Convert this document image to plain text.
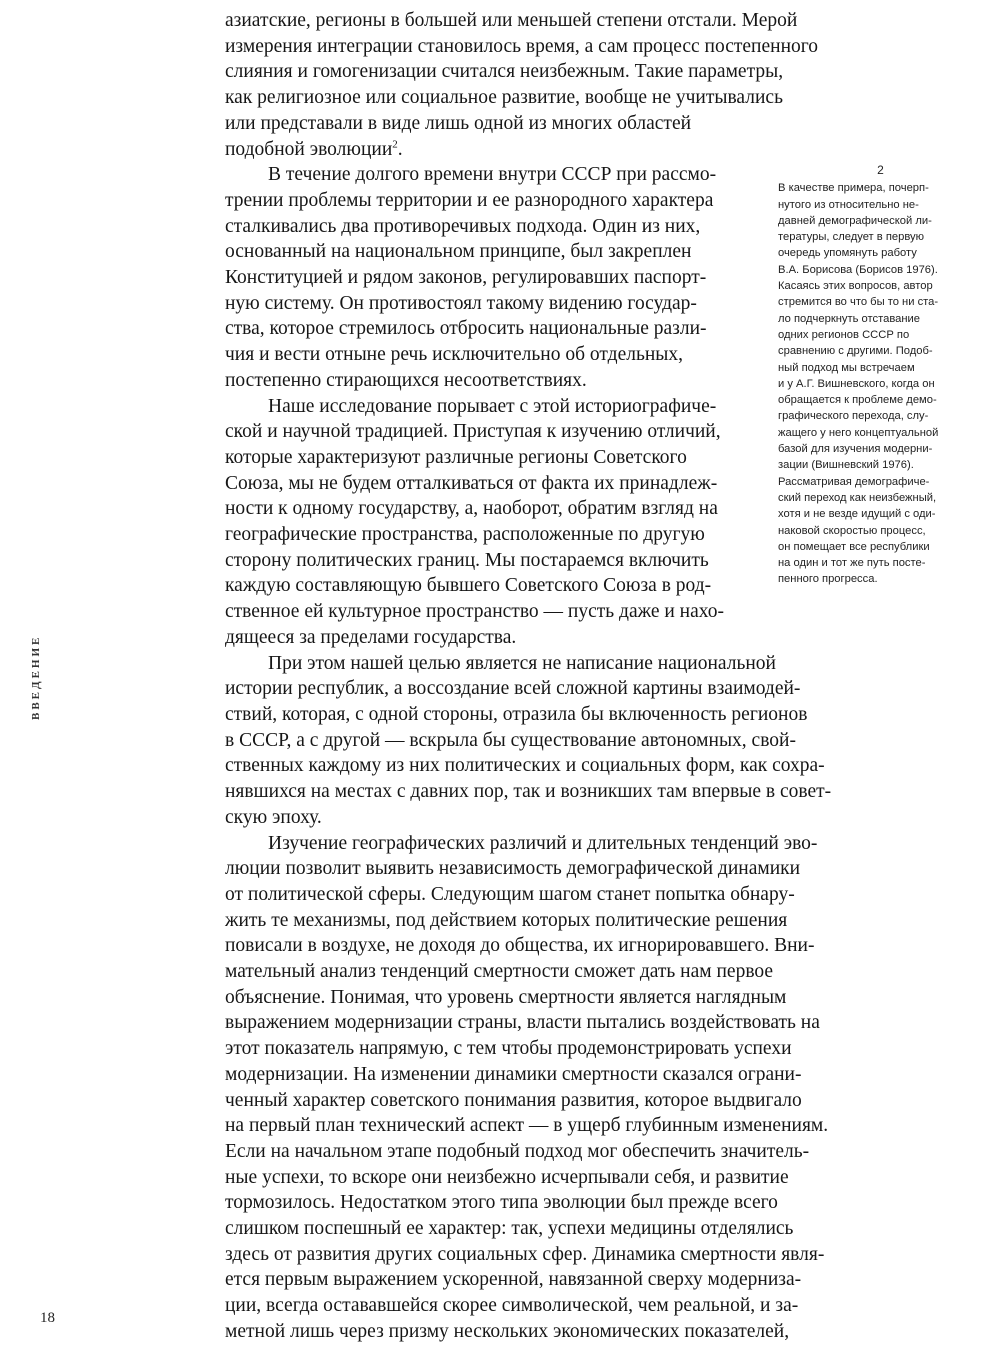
азиатские, регионы в большей или меньшей степени отстали. Мерой
измерения интеграции становилось время, а сам процесс постепенного
слияния и гомогенизации считался неизбежным. Такие параметры,
как религиозное или социальное развитие, вообще не учитывались
или представали в виде лишь одной из многих областей
подобной эволюции$^2$.
В течение долгого времени внутри СССР при рассмо-
трении проблемы территории и ее разнородного характера
сталкивались два противоречивых подхода. Один из них,
основанный на национальном принципе, был закреплен
Конституцией и рядом законов, регулировавших паспорт-
ную систему. Он противостоял такому видению государ-
ства, которое стремилось отбросить национальные разли-
чия и вести отныне речь исключительно об отдельных,
постепенно стирающихся несоответствиях.
Наше исследование порывает с этой историографиче-
ской и научной традицией. Приступая к изучению отличий,
которые характеризуют различные регионы Советского
Союза, мы не будем отталкиваться от факта их принадлеж-
ности к одному государству, а, наоборот, обратим взгляд на
географические пространства, расположенные по другую
сторону политических границ. Мы постараемся включить
каждую составляющую бывшего Советского Союза в род-
ственное ей культурное пространство — пусть даже и нахо-
дящееся за пределами государства.
При этом нашей целью является не написание национальной
истории республик, а воссоздание всей сложной картины взаимодей-
ствий, которая, с одной стороны, отразила бы включенность регионов
в СССР, а с другой — вскрыла бы существование автономных, свой-
ственных каждому из них политических и социальных форм, как сохра-
нявшихся на местах с давних пор, так и возникших там впервые в совет-
скую эпоху.
Изучение географических различий и длительных тенденций эво-
люции позволит выявить независимость демографической динамики
от политической сферы. Следующим шагом станет попытка обнару-
жить те механизмы, под действием которых политические решения
повисали в воздухе, не доходя до общества, их игнорировавшего. Вни-
мательный анализ тенденций смертности сможет дать нам первое
объяснение. Понимая, что уровень смертности является наглядным
выражением модернизации страны, власти пытались воздействовать на
этот показатель напрямую, с тем чтобы продемонстрировать успехи
модернизации. На изменении динамики смертности сказался ограни-
ченный характер советского понимания развития, которое выдвигало
на первый план технический аспект — в ущерб глубинным изменениям.
Если на начальном этапе подобный подход мог обеспечить значитель-
ные успехи, то вскоре они неизбежно исчерпывали себя, и развитие
тормозилось. Недостатком этого типа эволюции был прежде всего
слишком поспешный ее характер: так, успехи медицины отделялись
здесь от развития других социальных сфер. Динамика смертности явля-
ется первым выражением ускоренной, навязанной сверху модерниза-
ции, всегда остававшейся скорее символической, чем реальной, и за-
метной лишь через призму нескольких экономических показателей,
2
В качестве примера, почерп-
нутого из относительно не-
давней демографической ли-
тературы, следует в первую
очередь упомянуть работу
В.А. Борисова (Борисов 1976).
Касаясь этих вопросов, автор
стремится во что бы то ни ста-
ло подчеркнуть отставание
одних регионов СССР по
сравнению с другими. Подоб-
ный подход мы встречаем
и у А.Г. Вишневского, когда он
обращается к проблеме демо-
графического перехода, слу-
жащего у него концептуальной
базой для изучения модерни-
зации (Вишневский 1976).
Рассматривая демографиче-
ский переход как неизбежный,
хотя и не везде идущий с оди-
наковой скоростью процесс,
он помещает все республики
на один и тот же путь посте-
пенного прогресса.
ВВЕДЕНИЕ
18
